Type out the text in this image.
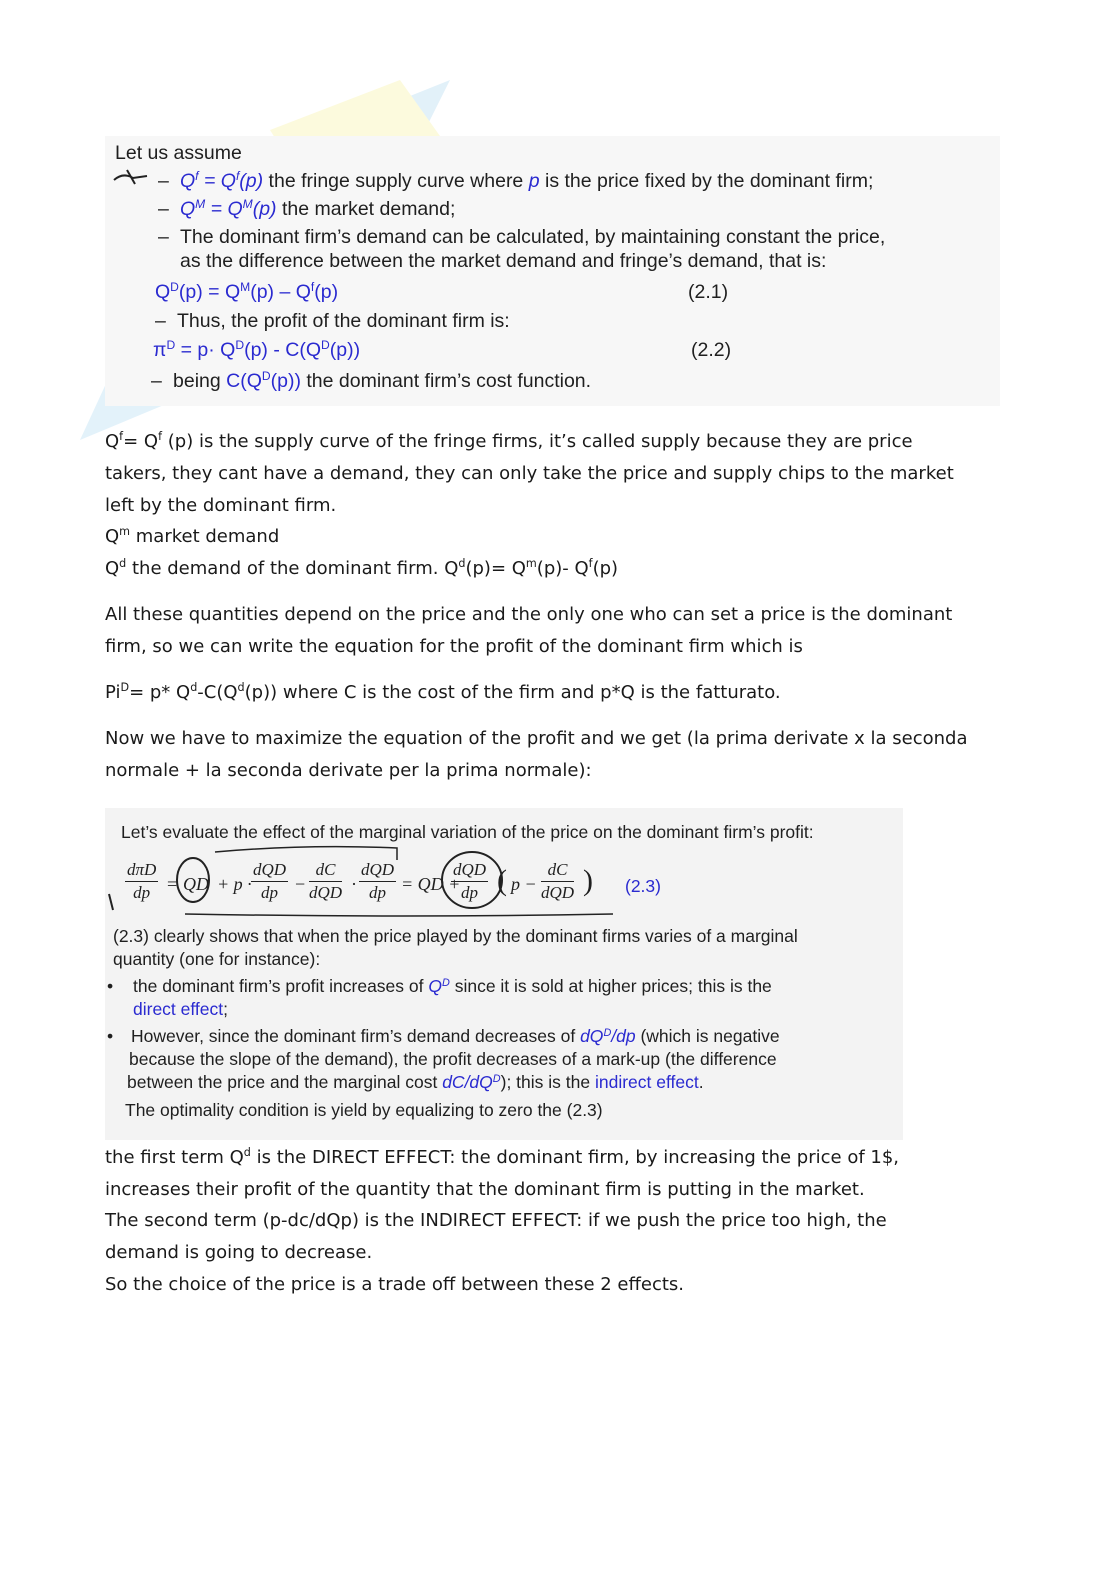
Let us assume
– $Q^f = Q^f(p)$ the fringe supply curve where p is the price fixed by the dominant firm;
– $Q^M = Q^M(p)$ the market demand;
– The dominant firm’s demand can be calculated, by maintaining constant the price,
as the difference between the market demand and fringe’s demand, that is:
$Q^D(p) = Q^M(p) - Q^f(p)$	(2.1)
– Thus, the profit of the dominant firm is:
$\pi^D = p\cdot Q^D(p) - C(Q^D(p))$	(2.2)
– being $C(Q^D(p))$ the dominant firm’s cost function.
$Q^f= Q^f$ (p) is the supply curve of the fringe firms, it’s called supply because they are price
takers, they cant have a demand, they can only take the price and supply chips to the market
left by the dominant firm.
$Q^m$ market demand
$Q^d$ the demand of the dominant firm. $Q^d(p)= Q^m(p)-$ $Q^f(p)$
All these quantities depend on the price and the only one who can set a price is the dominant
firm, so we can write the equation for the profit of the dominant firm which is
$Pi^D= p*$ $Q^d-C(Q^d(p))$ where C is the cost of the firm and p*Q is the fatturato.
Now we have to maximize the equation of the profit and we get (la prima derivate x la seconda
normale + la seconda derivate per la prima normale):
Let’s evaluate the effect of the marginal variation of the price on the dominant firm’s profit:
dπD
dp = QD + p ·
dQD
dp −
dC
dQD ·
dQD
dp = QD +
dQD
dp ( p −
dC
dQD ) (2.3)
(2.3) clearly shows that when the price played by the dominant firms varies of a marginal
quantity (one for instance):
• the dominant firm’s profit increases of $Q^D$ since it is sold at higher prices; this is the
direct effect;
• However, since the dominant firm’s demand decreases of $dQ^D/dp$ (which is negative
because the slope of the demand), the profit decreases of a mark-up (the difference
between the price and the marginal cost $dC/dQ^D$); this is the indirect effect.
The optimality condition is yield by equalizing to zero the (2.3)
the first term $Q^d$ is the DIRECT EFFECT: the dominant firm, by increasing the price of 1$,
increases their profit of the quantity that the dominant firm is putting in the market.
The second term (p-dc/dQp) is the INDIRECT EFFECT: if we push the price too high, the
demand is going to decrease.
So the choice of the price is a trade off between these 2 effects.
